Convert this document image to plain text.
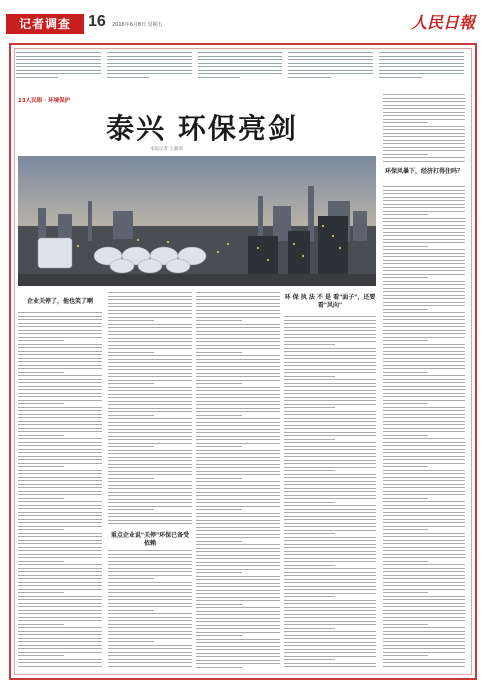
记者调查	16 2016年6月8日 星期五	人民日報
13人民眼 · 环境保护
泰兴 环保亮剑
本报记者 王湘鸿
企业关停了，他也笑了啊
环 保 执 法 不 是 看"面子"，还要看"风向"
重点企业说"关停"环保已备受依赖
环保风暴下，经济打得住吗？
